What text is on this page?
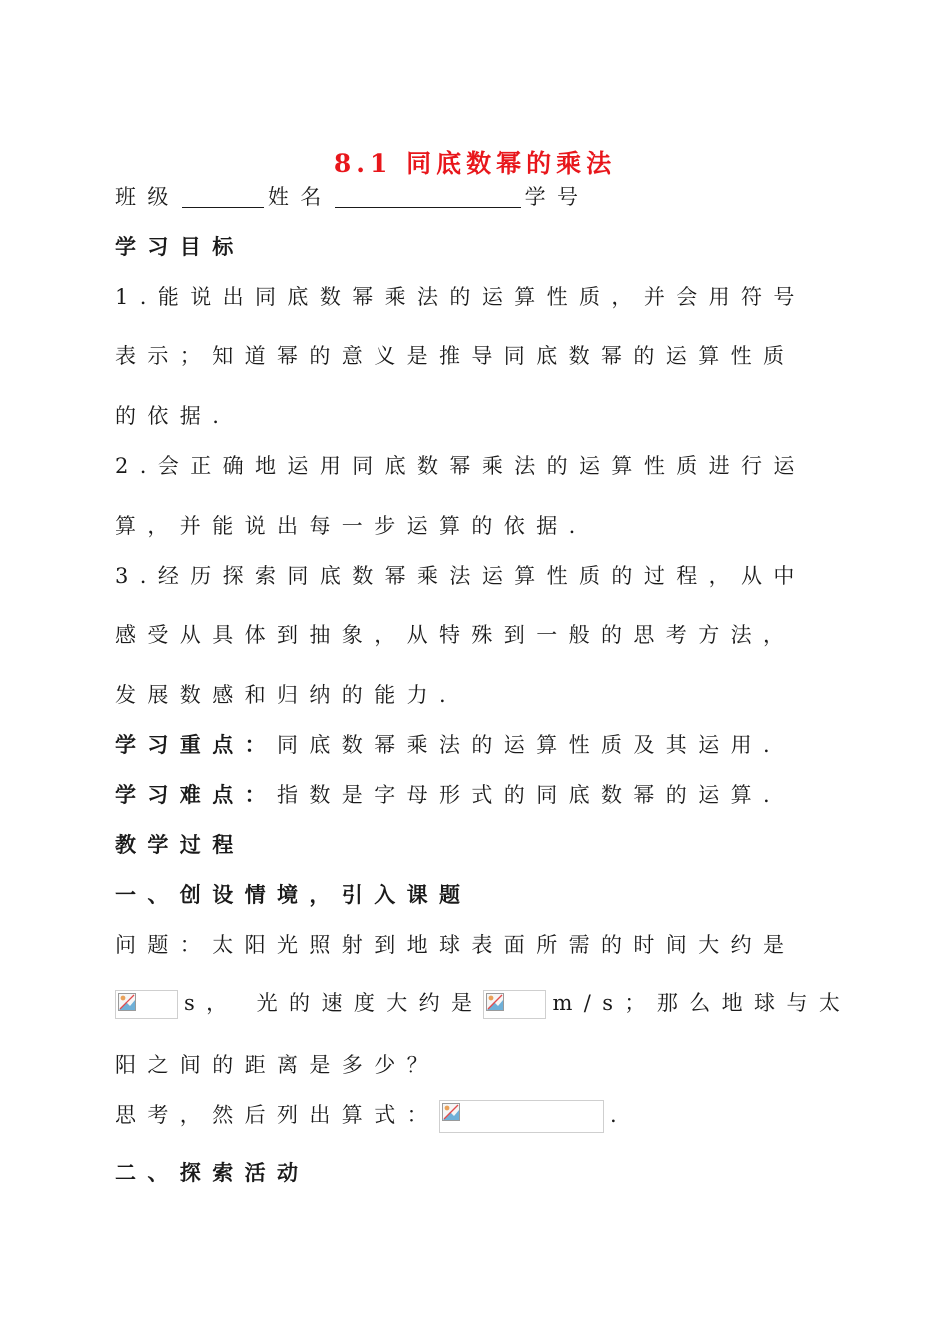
8.1 同底数幂的乘法
班级	姓名	学号
学习目标
1.能说出同底数幂乘法的运算性质，并会用符号
表示；知道幂的意义是推导同底数幂的运算性质
的依据.
2.会正确地运用同底数幂乘法的运算性质进行运
算，并能说出每一步运算的依据.
3.经历探索同底数幂乘法运算性质的过程，从中
感受从具体到抽象，从特殊到一般的思考方法，
发展数感和归纳的能力.
学习重点：同底数幂乘法的运算性质及其运用.
学习难点：指数是字母形式的同底数幂的运算.
教学过程
一、创设情境，引入课题
问题：太阳光照射到地球表面所需的时间大约是
s， 光的速度大约是	m/s；那么地球与太
阳之间的距离是多少？
思考，然后列出算式：	.
二、探索活动
